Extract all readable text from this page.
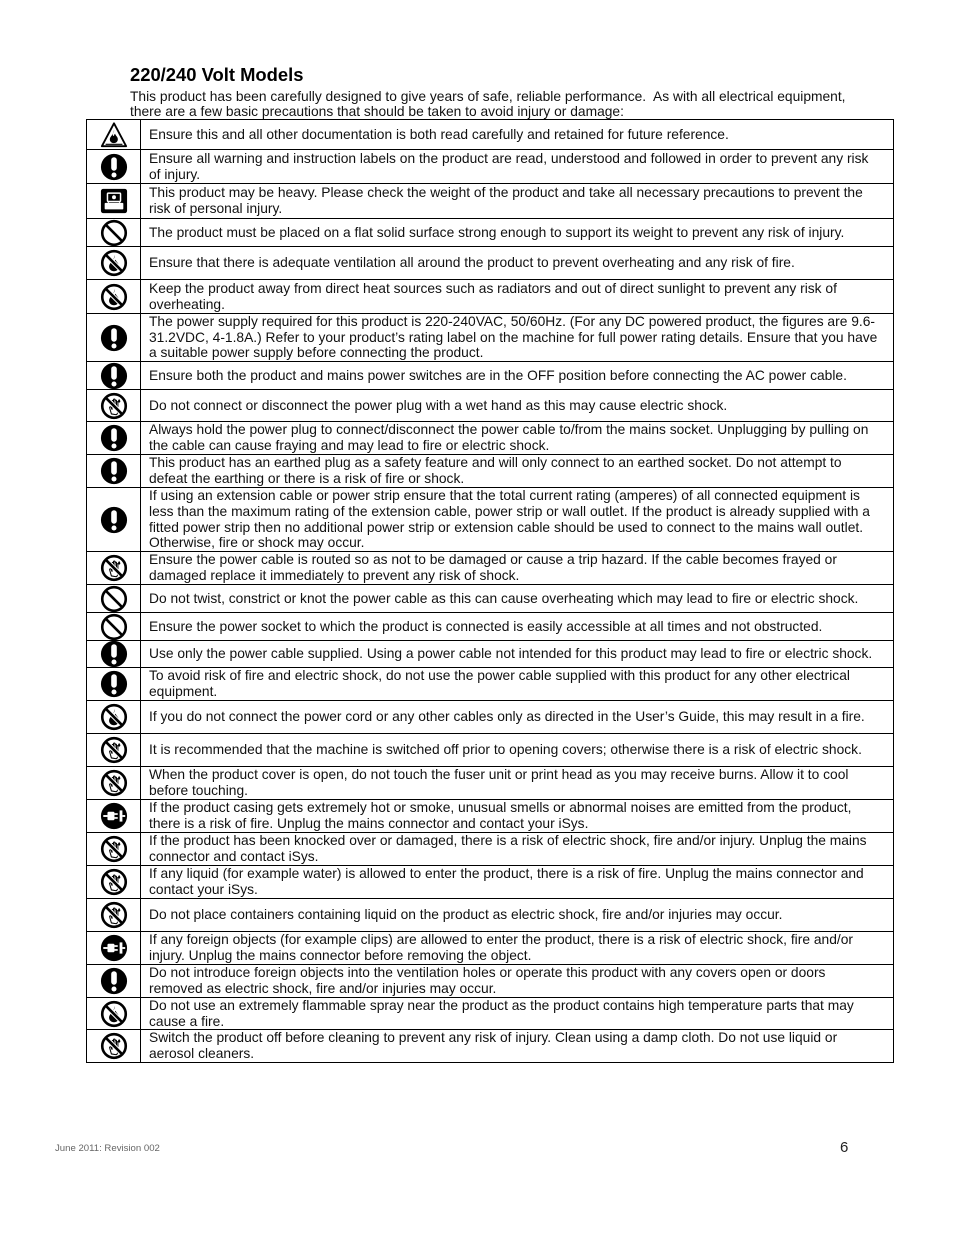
220/240 Volt Models
This product has been carefully designed to give years of safe, reliable performance.  As with all electrical equipment,
there are a few basic precautions that should be taken to avoid injury or damage:
Ensure this and all other documentation is both read carefully and retained for future reference.
Ensure all warning and instruction labels on the product are read, understood and followed in order to prevent any risk
of injury.
This product may be heavy. Please check the weight of the product and take all necessary precautions to prevent the
risk of personal injury.
The product must be placed on a flat solid surface strong enough to support its weight to prevent any risk of injury.
Ensure that there is adequate ventilation all around the product to prevent overheating and any risk of fire.
Keep the product away from direct heat sources such as radiators and out of direct sunlight to prevent any risk of
overheating.
The power supply required for this product is 220-240VAC, 50/60Hz. (For any DC powered product, the figures are 9.6-
31.2VDC, 4-1.8A.) Refer to your product’s rating label on the machine for full power rating details. Ensure that you have
a suitable power supply before connecting the product.
Ensure both the product and mains power switches are in the OFF position before connecting the AC power cable.
Do not connect or disconnect the power plug with a wet hand as this may cause electric shock.
Always hold the power plug to connect/disconnect the power cable to/from the mains socket. Unplugging by pulling on
the cable can cause fraying and may lead to fire or electric shock.
This product has an earthed plug as a safety feature and will only connect to an earthed socket. Do not attempt to
defeat the earthing or there is a risk of fire or shock.
If using an extension cable or power strip ensure that the total current rating (amperes) of all connected equipment is
less than the maximum rating of the extension cable, power strip or wall outlet. If the product is already supplied with a
fitted power strip then no additional power strip or extension cable should be used to connect to the mains wall outlet.
Otherwise, fire or shock may occur.
Ensure the power cable is routed so as not to be damaged or cause a trip hazard. If the cable becomes frayed or
damaged replace it immediately to prevent any risk of shock.
Do not twist, constrict or knot the power cable as this can cause overheating which may lead to fire or electric shock.
Ensure the power socket to which the product is connected is easily accessible at all times and not obstructed.
Use only the power cable supplied. Using a power cable not intended for this product may lead to fire or electric shock.
To avoid risk of fire and electric shock, do not use the power cable supplied with this product for any other electrical
equipment.
If you do not connect the power cord or any other cables only as directed in the User’s Guide, this may result in a fire.
It is recommended that the machine is switched off prior to opening covers; otherwise there is a risk of electric shock.
When the product cover is open, do not touch the fuser unit or print head as you may receive burns. Allow it to cool
before touching.
If the product casing gets extremely hot or smoke, unusual smells or abnormal noises are emitted from the product,
there is a risk of fire. Unplug the mains connector and contact your iSys.
If the product has been knocked over or damaged, there is a risk of electric shock, fire and/or injury. Unplug the mains
connector and contact iSys.
If any liquid (for example water) is allowed to enter the product, there is a risk of fire. Unplug the mains connector and
contact your iSys.
Do not place containers containing liquid on the product as electric shock, fire and/or injuries may occur.
If any foreign objects (for example clips) are allowed to enter the product, there is a risk of electric shock, fire and/or
injury. Unplug the mains connector before removing the object.
Do not introduce foreign objects into the ventilation holes or operate this product with any covers open or doors
removed as electric shock, fire and/or injuries may occur.
Do not use an extremely flammable spray near the product as the product contains high temperature parts that may
cause a fire.
Switch the product off before cleaning to prevent any risk of injury. Clean using a damp cloth. Do not use liquid or
aerosol cleaners.
June 2011: Revision 002	6
